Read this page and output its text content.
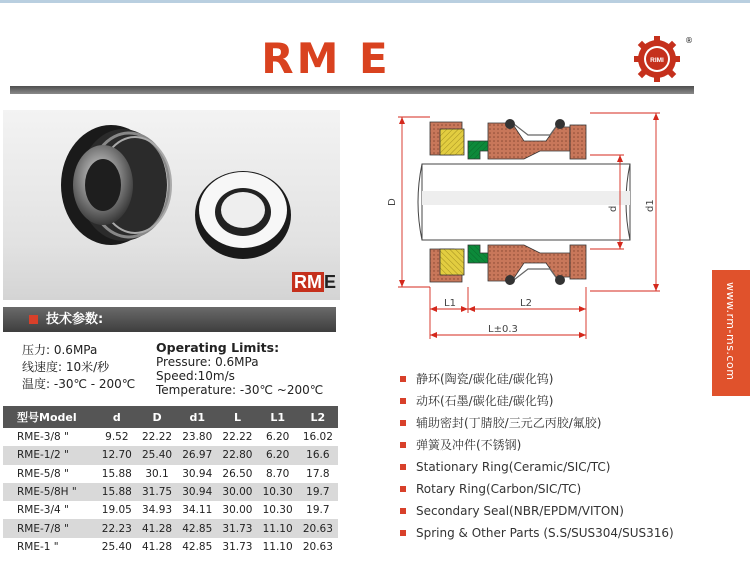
RM E	RIMI
®
RM E
技术参数:
压力: 0.6MPa
线速度: 10米/秒
温度: -30℃ - 200℃
Operating Limits:
Pressure: 0.6MPa
Speed:10m/s
Temperature: -30℃ ~200℃
型号Model	d	D	d1	L	L1	L2
RME-3/8 "	9.52	22.22	23.80	22.22	6.20	16.02
RME-1/2 "	12.70	25.40	26.97	22.80	6.20	16.6
RME-5/8 "	15.88	30.1	30.94	26.50	8.70	17.8
RME-5/8H "	15.88	31.75	30.94	30.00	10.30	19.7
RME-3/4 "	19.05	34.93	34.11	30.00	10.30	19.7
RME-7/8 "	22.23	41.28	42.85	31.73	11.10	20.63
RME-1 "	25.40	41.28	42.85	31.73	11.10	20.63
D
d	d1
L1	L2
L±0.3
静环(陶瓷/碳化硅/碳化钨)
动环(石墨/碳化硅/碳化钨)
辅助密封(丁腈胶/三元乙丙胶/氟胶)
弹簧及冲件(不锈钢)
Stationary Ring(Ceramic/SIC/TC)
Rotary Ring(Carbon/SIC/TC)
Secondary Seal(NBR/EPDM/VITON)
Spring & Other Parts (S.S/SUS304/SUS316)
www.rm-ms.com
